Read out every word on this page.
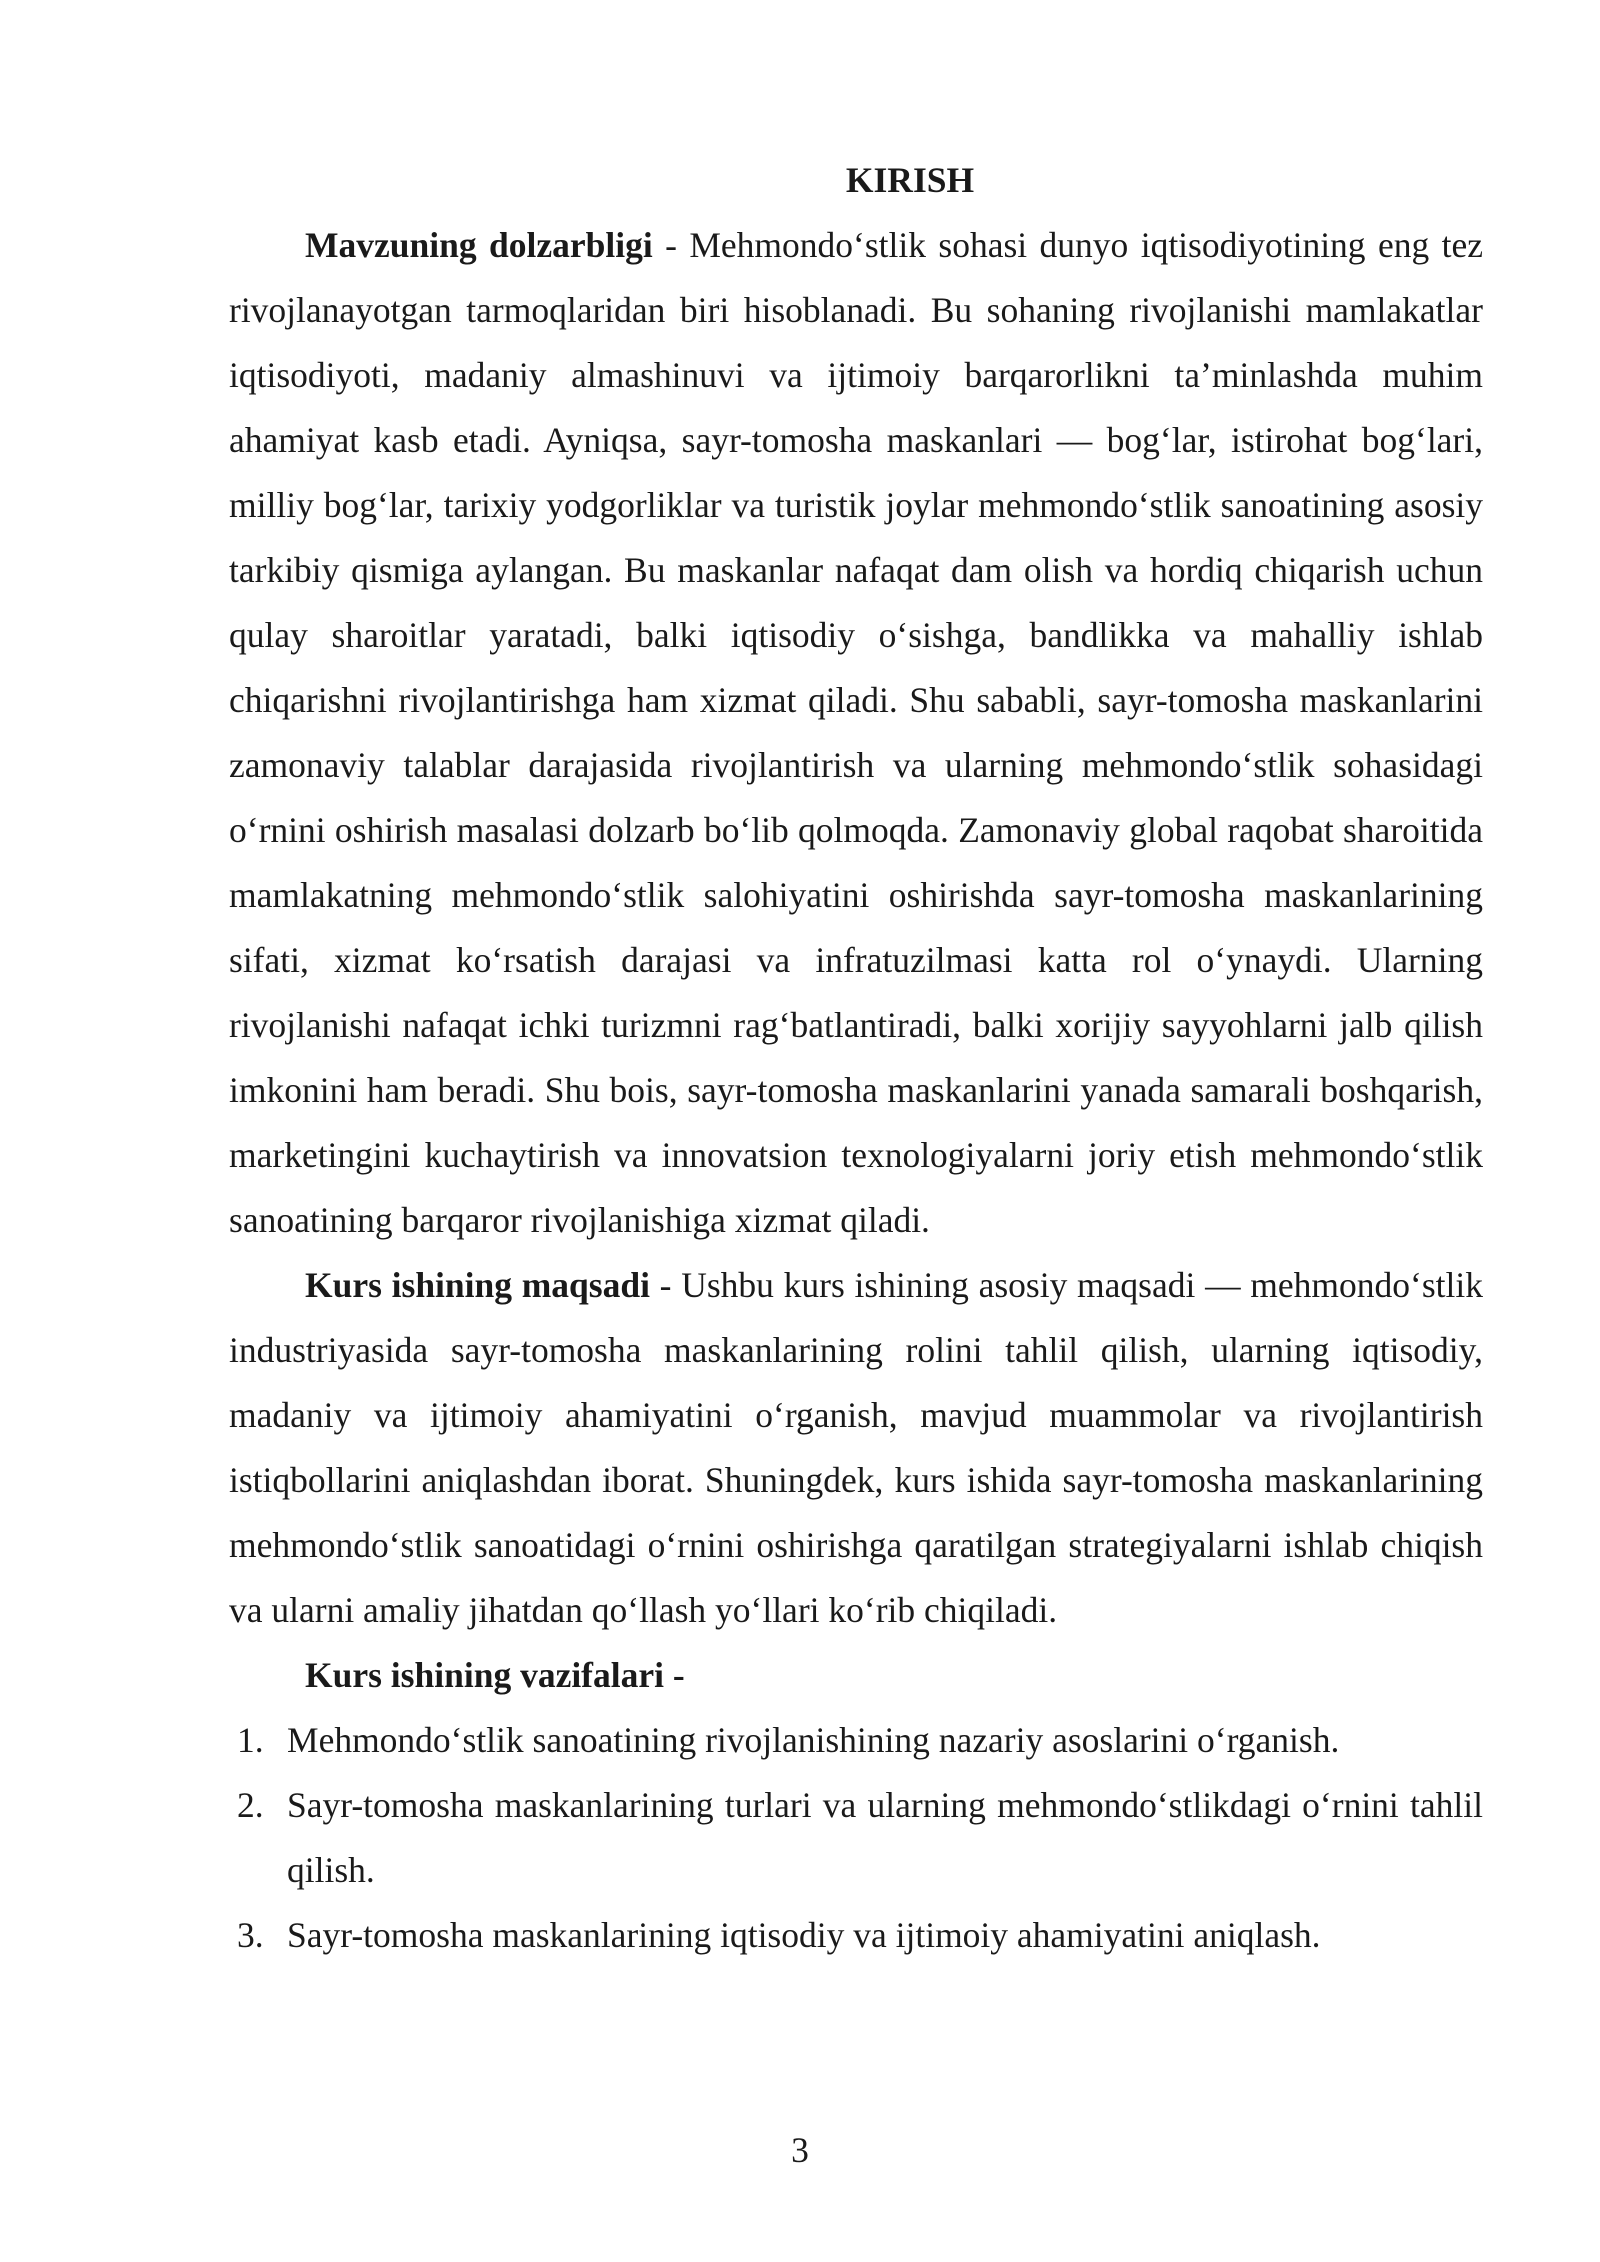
KIRISH

Mavzuning dolzarbligi - Mehmondo‘stlik sohasi dunyo iqtisodiyotining eng tez rivojlanayotgan tarmoqlaridan biri hisoblanadi. Bu sohaning rivojlanishi mamlakatlar iqtisodiyoti, madaniy almashinuvi va ijtimoiy barqarorlikni ta’minlashda muhim ahamiyat kasb etadi. Ayniqsa, sayr-tomosha maskanlari — bog‘lar, istirohat bog‘lari, milliy bog‘lar, tarixiy yodgorliklar va turistik joylar mehmondo‘stlik sanoatining asosiy tarkibiy qismiga aylangan. Bu maskanlar nafaqat dam olish va hordiq chiqarish uchun qulay sharoitlar yaratadi, balki iqtisodiy o‘sishga, bandlikka va mahalliy ishlab chiqarishni rivojlantirishga ham xizmat qiladi. Shu sababli, sayr-tomosha maskanlarini zamonaviy talablar darajasida rivojlantirish va ularning mehmondo‘stlik sohasidagi o‘rnini oshirish masalasi dolzarb bo‘lib qolmoqda. Zamonaviy global raqobat sharoitida mamlakatning mehmondo‘stlik salohiyatini oshirishda sayr-tomosha maskanlarining sifati, xizmat ko‘rsatish darajasi va infratuzilmasi katta rol o‘ynaydi. Ularning rivojlanishi nafaqat ichki turizmni rag‘batlantiradi, balki xorijiy sayyohlarni jalb qilish imkonini ham beradi. Shu bois, sayr-tomosha maskanlarini yanada samarali boshqarish, marketingini kuchaytirish va innovatsion texnologiyalarni joriy etish mehmondo‘stlik sanoatining barqaror rivojlanishiga xizmat qiladi.

Kurs ishining maqsadi - Ushbu kurs ishining asosiy maqsadi — mehmondo‘stlik industriyasida sayr-tomosha maskanlarining rolini tahlil qilish, ularning iqtisodiy, madaniy va ijtimoiy ahamiyatini o‘rganish, mavjud muammolar va rivojlantirish istiqbollarini aniqlashdan iborat. Shuningdek, kurs ishida sayr-tomosha maskanlarining mehmondo‘stlik sanoatidagi o‘rnini oshirishga qaratilgan strategiyalarni ishlab chiqish va ularni amaliy jihatdan qo‘llash yo‘llari ko‘rib chiqiladi.

Kurs ishining vazifalari -
1. Mehmondo‘stlik sanoatining rivojlanishining nazariy asoslarini o‘rganish.
2. Sayr-tomosha maskanlarining turlari va ularning mehmondo‘stlikdagi o‘rnini tahlil qilish.
3. Sayr-tomosha maskanlarining iqtisodiy va ijtimoiy ahamiyatini aniqlash.
3
